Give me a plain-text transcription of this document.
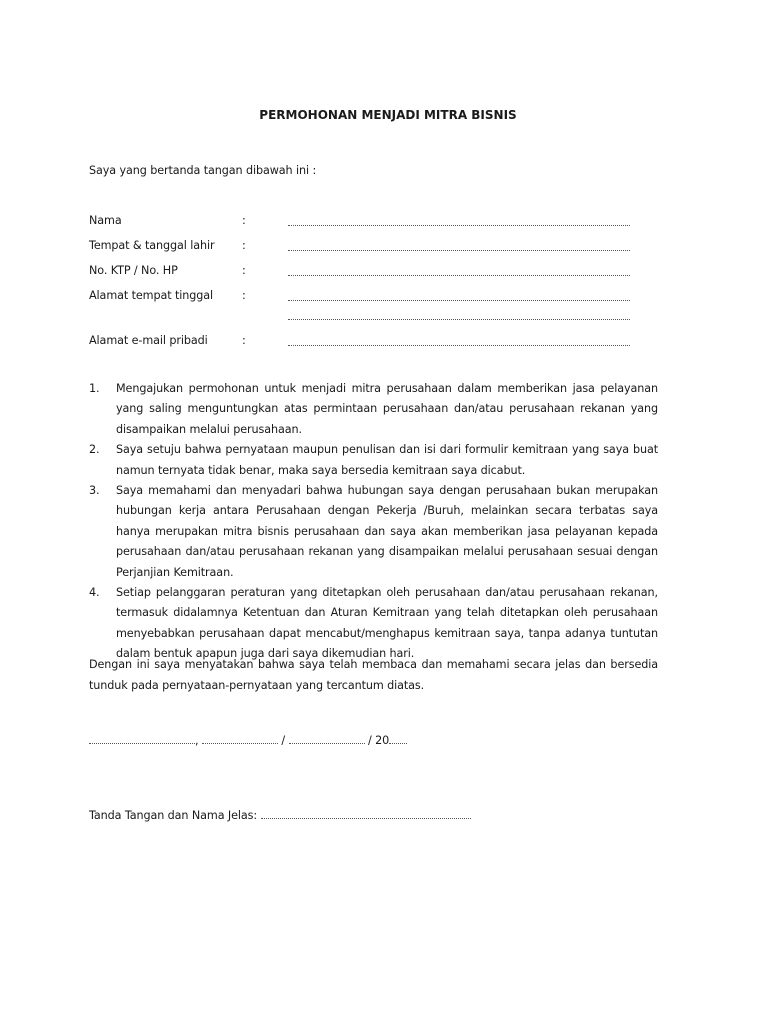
PERMOHONAN MENJADI MITRA BISNIS
Saya yang bertanda tangan dibawah ini :
Nama	:
Tempat & tanggal lahir :
No. KTP / No. HP	:
Alamat tempat tinggal	:
Alamat e-mail pribadi	:
1. Mengajukan permohonan untuk menjadi mitra perusahaan dalam memberikan jasa pelayanan yang saling menguntungkan atas permintaan perusahaan dan/atau perusahaan rekanan yang disampaikan melalui perusahaan.
2. Saya setuju bahwa pernyataan maupun penulisan dan isi dari formulir kemitraan yang saya buat namun ternyata tidak benar, maka saya bersedia kemitraan saya dicabut.
3. Saya memahami dan menyadari bahwa hubungan saya dengan perusahaan bukan merupakan hubungan kerja antara Perusahaan dengan Pekerja /Buruh, melainkan secara terbatas saya hanya merupakan mitra bisnis perusahaan dan saya akan memberikan jasa pelayanan kepada perusahaan dan/atau perusahaan rekanan yang disampaikan melalui perusahaan sesuai dengan Perjanjian Kemitraan.
4. Setiap pelanggaran peraturan yang ditetapkan oleh perusahaan dan/atau perusahaan rekanan, termasuk didalamnya Ketentuan dan Aturan Kemitraan yang telah ditetapkan oleh perusahaan menyebabkan perusahaan dapat mencabut/menghapus kemitraan saya, tanpa adanya tuntutan dalam bentuk apapun juga dari saya dikemudian hari.
Dengan ini saya menyatakan bahwa saya telah membaca dan memahami secara jelas dan bersedia tunduk pada pernyataan-pernyataan yang tercantum diatas.
,	/	/ 20
Tanda Tangan dan Nama Jelas:
